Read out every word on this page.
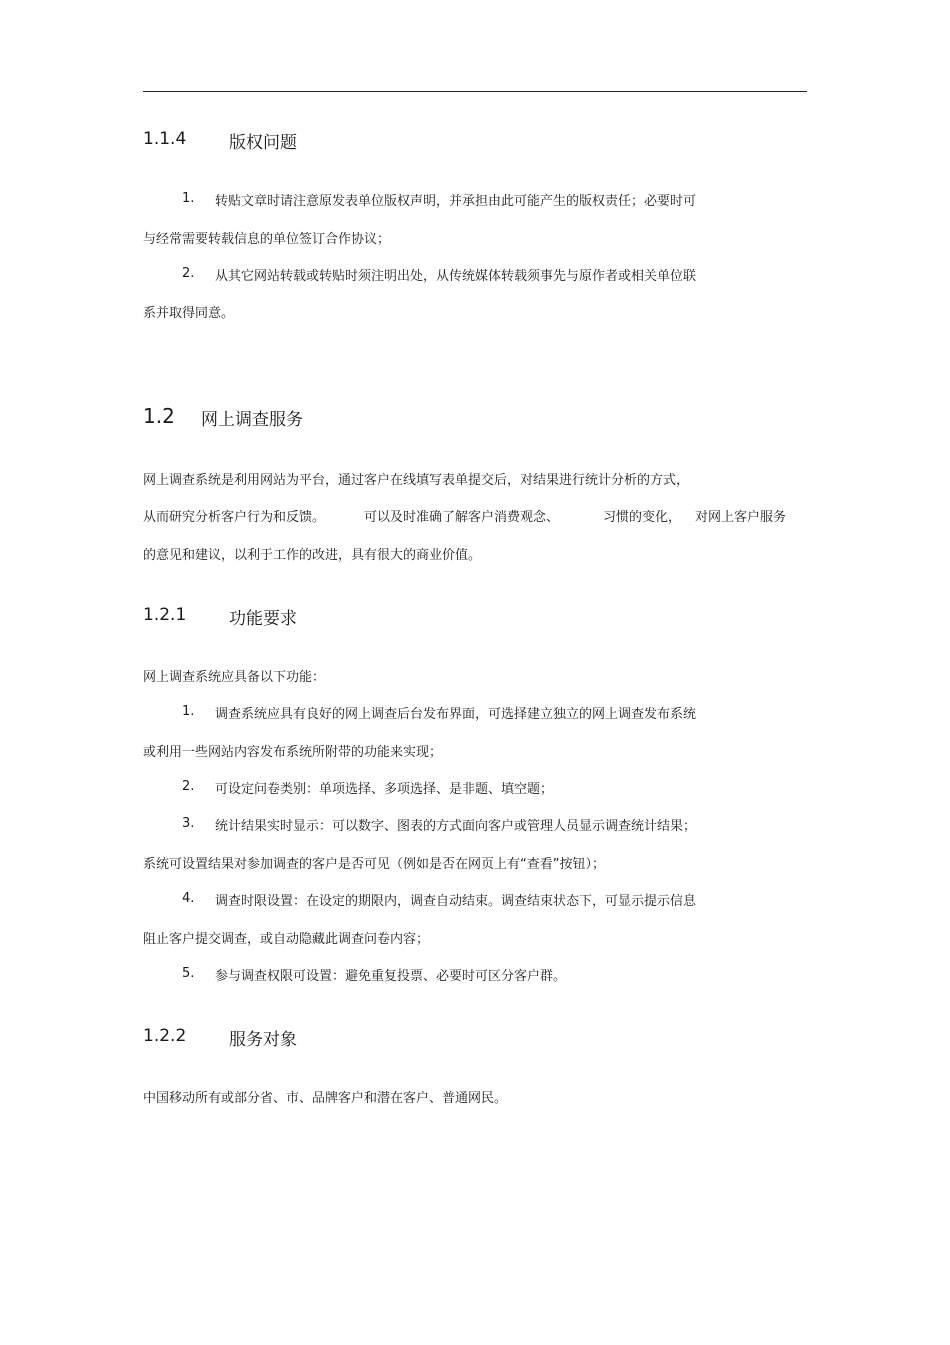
1.1.4	版权问题
1. 转贴文章时请注意原发表单位版权声明，并承担由此可能产生的版权责任；必要时可
与经常需要转载信息的单位签订合作协议；
2. 从其它网站转载或转贴时须注明出处，从传统媒体转载须事先与原作者或相关单位联
系并取得同意。
1.2 网上调查服务
网上调查系统是利用网站为平台，通过客户在线填写表单提交后，对结果进行统计分析的方式，
从而研究分析客户行为和反馈。	可以及时准确了解客户消费观念、	习惯的变化， 对网上客户服务
的意见和建议，以利于工作的改进，具有很大的商业价值。
1.2.1	功能要求
网上调查系统应具备以下功能：
1. 调查系统应具有良好的网上调查后台发布界面，可选择建立独立的网上调查发布系统
或利用一些网站内容发布系统所附带的功能来实现；
2. 可设定问卷类别：单项选择、多项选择、是非题、填空题；
3. 统计结果实时显示：可以数字、图表的方式面向客户或管理人员显示调查统计结果；
系统可设置结果对参加调查的客户是否可见（例如是否在网页上有“查看”按钮）；
4. 调查时限设置：在设定的期限内，调查自动结束。调查结束状态下，可显示提示信息
阻止客户提交调查，或自动隐藏此调查问卷内容；
5. 参与调查权限可设置：避免重复投票、必要时可区分客户群。
1.2.2	服务对象
中国移动所有或部分省、市、品牌客户和潜在客户、普通网民。
